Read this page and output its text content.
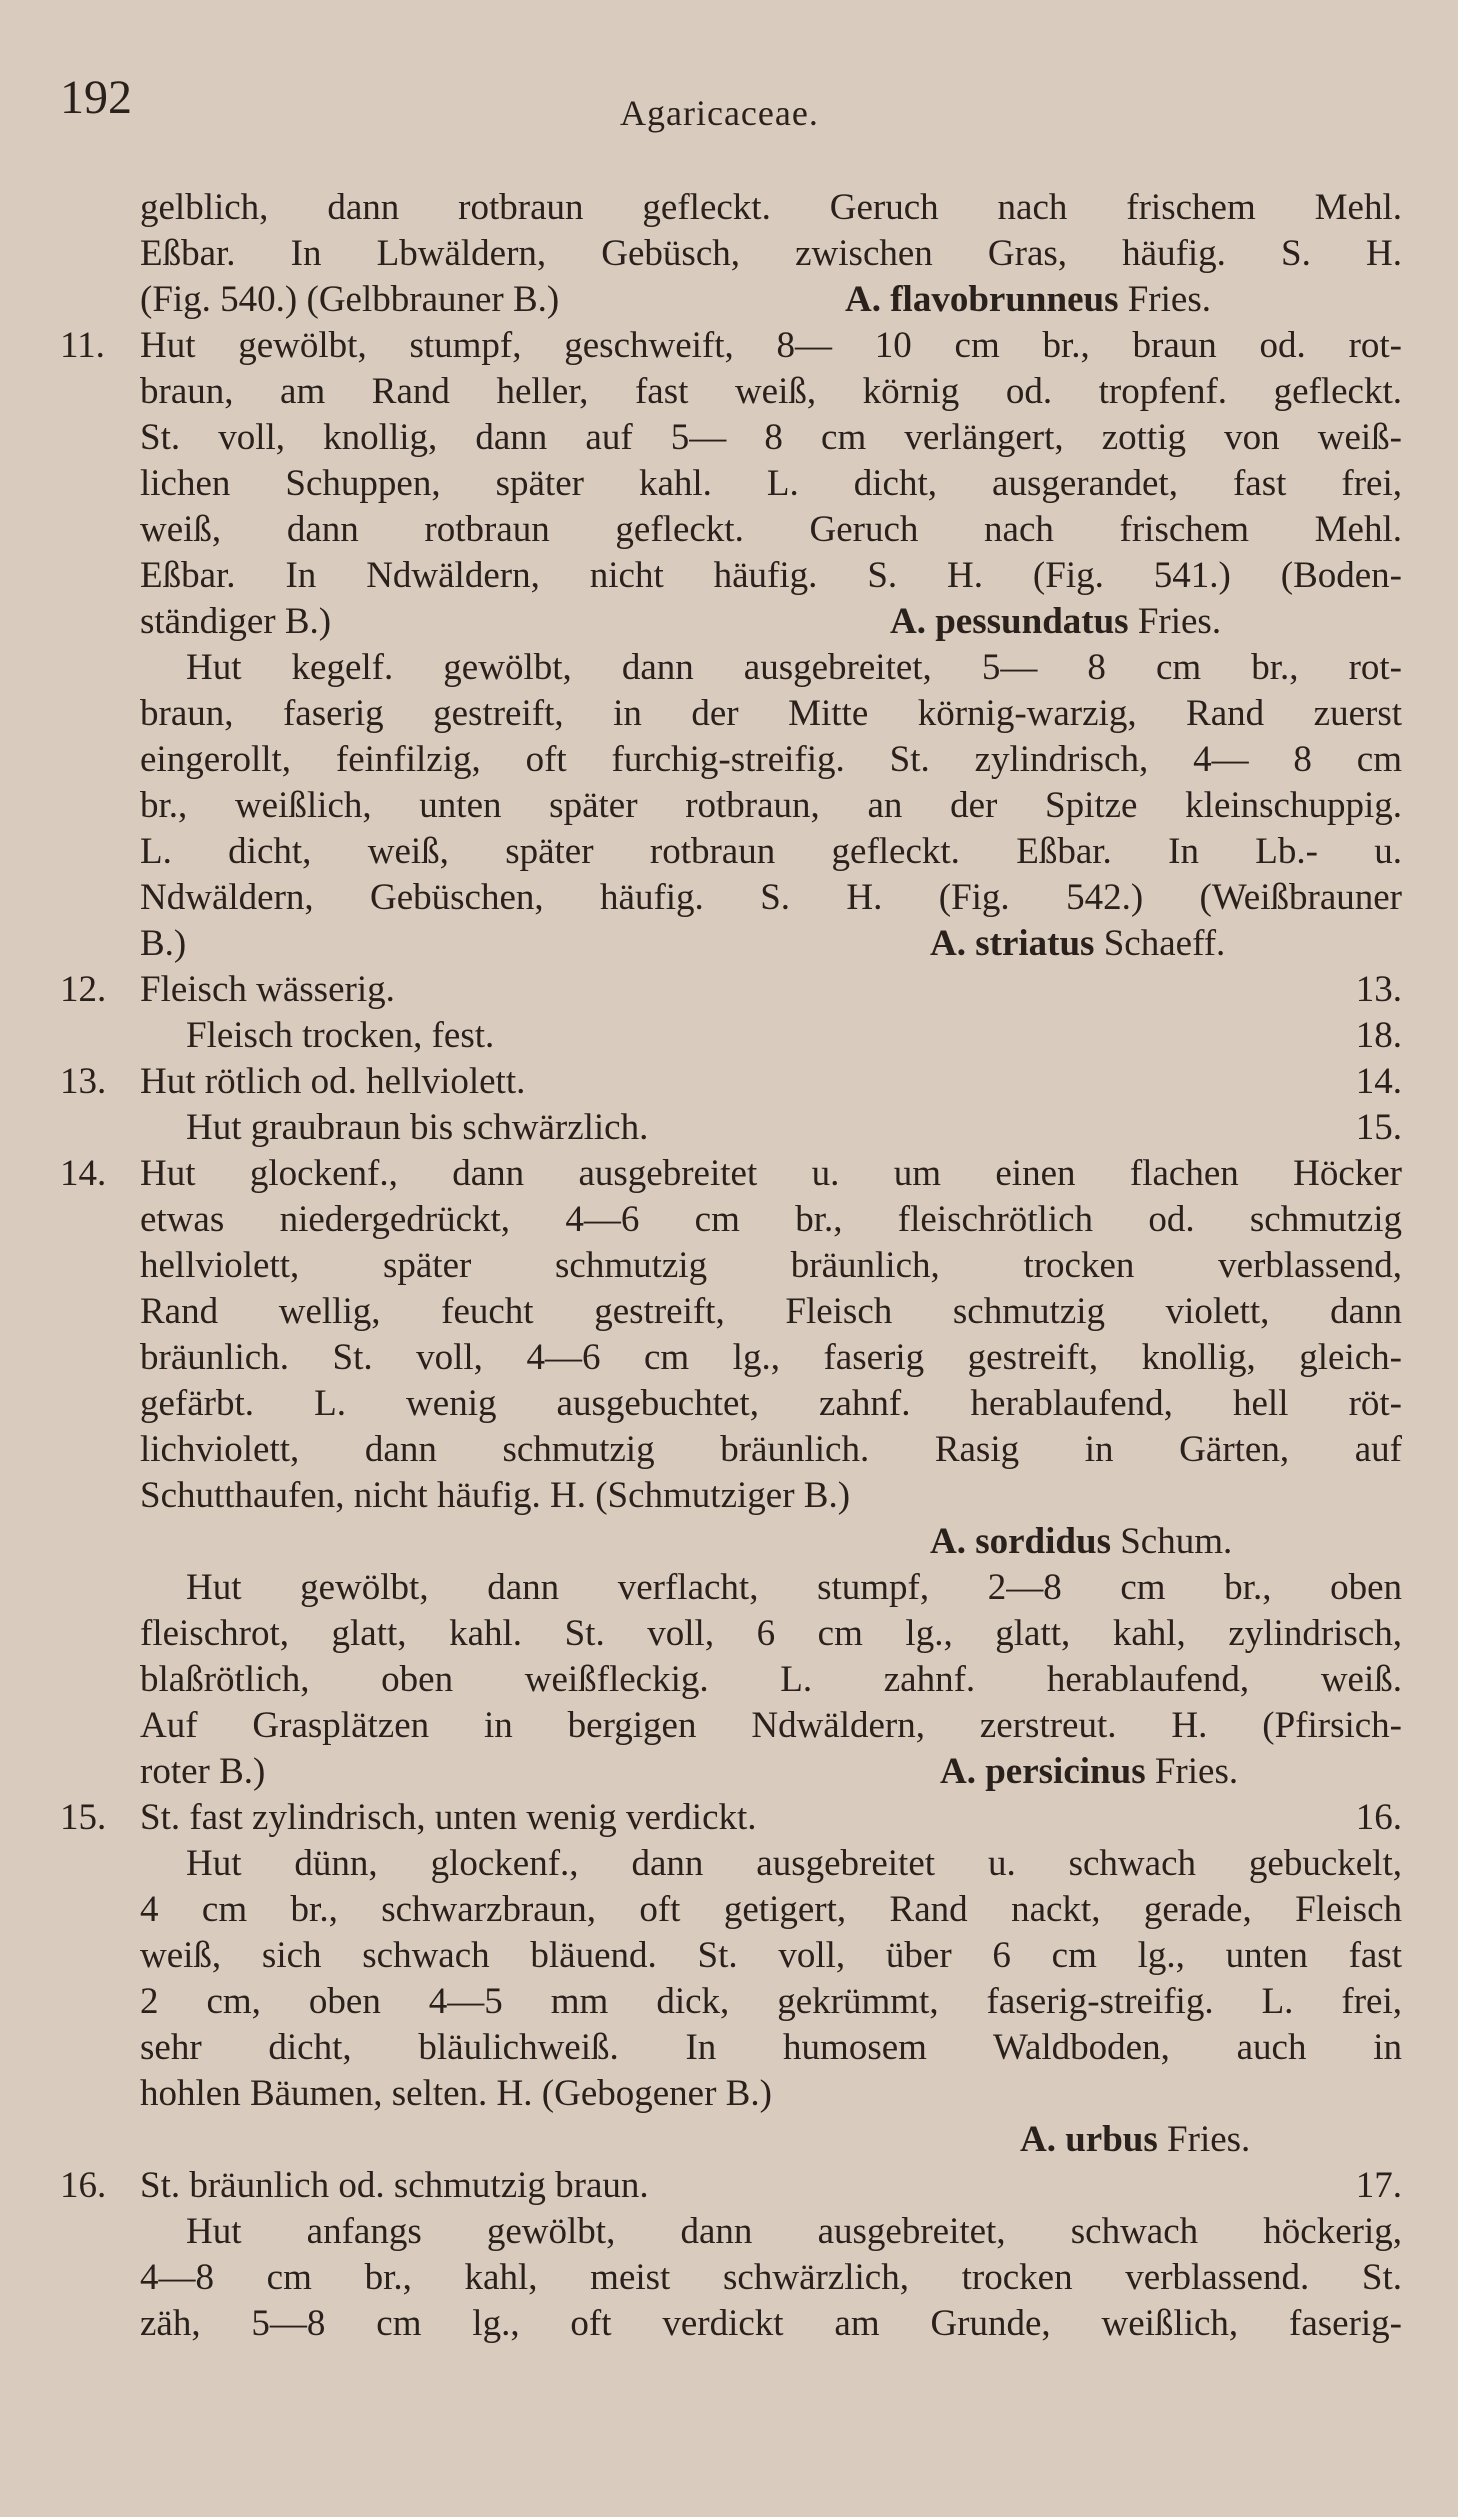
192	Agaricaceae.
gelblich, dann rotbraun gefleckt. Geruch nach frischem Mehl.
Eßbar. In Lbwäldern, Gebüsch, zwischen Gras, häufig. S. H.
(Fig. 540.) (Gelbbrauner B.)	A. flavobrunneus Fries.
11. Hut gewölbt, stumpf, geschweift, 8— 10 cm br., braun od. rot-
braun, am Rand heller, fast weiß, körnig od. tropfenf. gefleckt.
St. voll, knollig, dann auf 5— 8 cm verlängert, zottig von weiß-
lichen Schuppen, später kahl. L. dicht, ausgerandet, fast frei,
weiß, dann rotbraun gefleckt. Geruch nach frischem Mehl.
Eßbar. In Ndwäldern, nicht häufig. S. H. (Fig. 541.) (Boden-
ständiger B.)	A. pessundatus Fries.
Hut kegelf. gewölbt, dann ausgebreitet, 5— 8 cm br., rot-
braun, faserig gestreift, in der Mitte körnig-warzig, Rand zuerst
eingerollt, feinfilzig, oft furchig-streifig. St. zylindrisch, 4— 8 cm
br., weißlich, unten später rotbraun, an der Spitze kleinschuppig.
L. dicht, weiß, später rotbraun gefleckt. Eßbar. In Lb.- u.
Ndwäldern, Gebüschen, häufig. S. H. (Fig. 542.) (Weißbrauner
B.)	A. striatus Schaeff.
12. Fleisch wässerig.	13.
Fleisch trocken, fest.	18.
13. Hut rötlich od. hellviolett.	14.
Hut graubraun bis schwärzlich.	15.
14. Hut glockenf., dann ausgebreitet u. um einen flachen Höcker
etwas niedergedrückt, 4—6 cm br., fleischrötlich od. schmutzig
hellviolett, später schmutzig bräunlich, trocken verblassend,
Rand wellig, feucht gestreift, Fleisch schmutzig violett, dann
bräunlich. St. voll, 4—6 cm lg., faserig gestreift, knollig, gleich-
gefärbt. L. wenig ausgebuchtet, zahnf. herablaufend, hell röt-
lichviolett, dann schmutzig bräunlich. Rasig in Gärten, auf
Schutthaufen, nicht häufig. H. (Schmutziger B.)
A. sordidus Schum.
Hut gewölbt, dann verflacht, stumpf, 2—8 cm br., oben
fleischrot, glatt, kahl. St. voll, 6 cm lg., glatt, kahl, zylindrisch,
blaßrötlich, oben weißfleckig. L. zahnf. herablaufend, weiß.
Auf Grasplätzen in bergigen Ndwäldern, zerstreut. H. (Pfirsich-
roter B.)	A. persicinus Fries.
15. St. fast zylindrisch, unten wenig verdickt.	16.
Hut dünn, glockenf., dann ausgebreitet u. schwach gebuckelt,
4 cm br., schwarzbraun, oft getigert, Rand nackt, gerade, Fleisch
weiß, sich schwach bläuend. St. voll, über 6 cm lg., unten fast
2 cm, oben 4—5 mm dick, gekrümmt, faserig-streifig. L. frei,
sehr dicht, bläulichweiß. In humosem Waldboden, auch in
hohlen Bäumen, selten. H. (Gebogener B.)
A. urbus Fries.
16. St. bräunlich od. schmutzig braun.	17.
Hut anfangs gewölbt, dann ausgebreitet, schwach höckerig,
4—8 cm br., kahl, meist schwärzlich, trocken verblassend. St.
zäh, 5—8 cm lg., oft verdickt am Grunde, weißlich, faserig-
